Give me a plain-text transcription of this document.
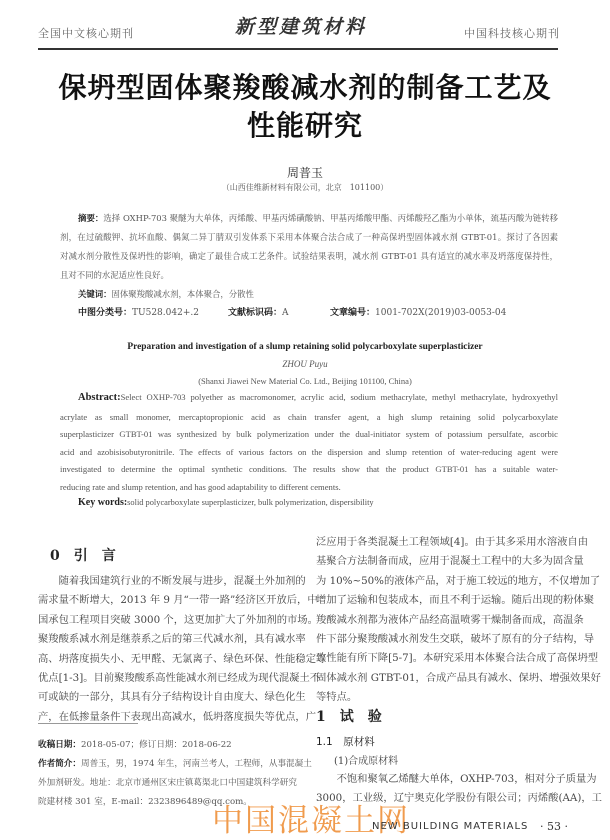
全国中文核心期刊	新型建筑材料	中国科技核心期刊
保坍型固体聚羧酸减水剂的制备工艺及
性能研究
周普玉
（山西佳维新材料有限公司，北京　101100）
摘要：选择 OXHP-703 聚醚为大单体，丙烯酸、甲基丙烯磺酸钠、甲基丙烯酸甲酯、丙烯酸羟乙酯为小单体，巯基丙酸为链转移
剂，在过硫酸钾、抗坏血酸、偶氮二异丁腈双引发体系下采用本体聚合法合成了一种高保坍型固体减水剂 GTBT-01。探讨了各因素
对减水剂分散性及保坍性的影响，确定了最佳合成工艺条件。试验结果表明，减水剂 GTBT-01 具有适宜的减水率及坍落度保持性，
且对不同的水泥适应性良好。
关键词：固体聚羧酸减水剂，本体聚合，分散性
中图分类号：TU528.042+.2	文献标识码：A	文章编号：1001-702X(2019)03-0053-04
Preparation and investigation of a slump retaining solid polycarboxylate superplasticizer
ZHOU Puyu
(Shanxi Jiawei New Material Co. Ltd., Beijing 101100, China)
Key words:solid polycarboxylate superplasticizer, bulk polymerization, dispersibility
0　引　言
收稿日期：2018-05-07；修订日期：2018-06-22
作者简介：周普玉，男，1974 年生，河南兰考人，工程师，从事混凝土
外加剂研发。地址：北京市通州区宋庄镇葛渠北口中国建筑科学研究
院建材楼 301 室，E-mail：2323896489@qq.com。
1　试　验
1.1　原材料
(1)合成原材料
　　不饱和聚氧乙烯醚大单体，OXHP-703，相对分子质量为
3000，工业级，辽宁奥克化学股份有限公司；丙烯酸(AA)，工
中国混凝土网
NEW BUILDING MATERIALS · 53 ·
Abstract:Select OXHP-703 polyether as macromonomer, acrylic acid, sodium methacrylate, methyl methacrylate, hydroxyethyl
acrylate as small monomer, mercaptopropionic acid as chain transfer agent, a high slump retaining solid polycarboxylate
superplasticizer GTBT-01 was synthesized by bulk polymerization under the dual-initiator system of potassium persulfate, ascorbic
acid and azobisisobutyronitrile. The effects of various factors on the dispersion and slump retention of water-reducing agent were
investigated to determine the optimal synthetic conditions. The results show that the product GTBT-01 has a suitable water-
reducing rate and slump retention, and has good adaptability to different cements.
　　随着我国建筑行业的不断发展与进步，混凝土外加剂的
需求量不断增大，2013 年 9 月“一带一路”经济区开放后，中
国承包工程项目突破 3000 个，这更加扩大了外加剂的市场。
聚羧酸系减水剂是继萘系之后的第三代减水剂，具有减水率
高、坍落度损失小、无甲醛、无氯离子、绿色环保、性能稳定等
优点[1-3]。目前聚羧酸系高性能减水剂已经成为现代混凝土不
可或缺的一部分，其具有分子结构设计自由度大、绿色化生
产，在低掺量条件下表现出高减水，低坍落度损失等优点，广
泛应用于各类混凝土工程领域[4]。由于其多采用水溶液自由
基聚合方法制备而成，应用于混凝土工程中的大多为固含量
为 10%~50%的液体产品，对于施工较远的地方，不仅增加了
增加了运输和包装成本，而且不利于运输。随后出现的粉体聚
羧酸减水剂都为液体产品经高温喷雾干燥制备而成，高温条
件下部分聚羧酸减水剂发生交联，破坏了原有的分子结构，导
致性能有所下降[5-7]。本研究采用本体聚合法合成了高保坍型
固体减水剂 GTBT-01，合成产品具有减水、保坍、增强效果好
等特点。
